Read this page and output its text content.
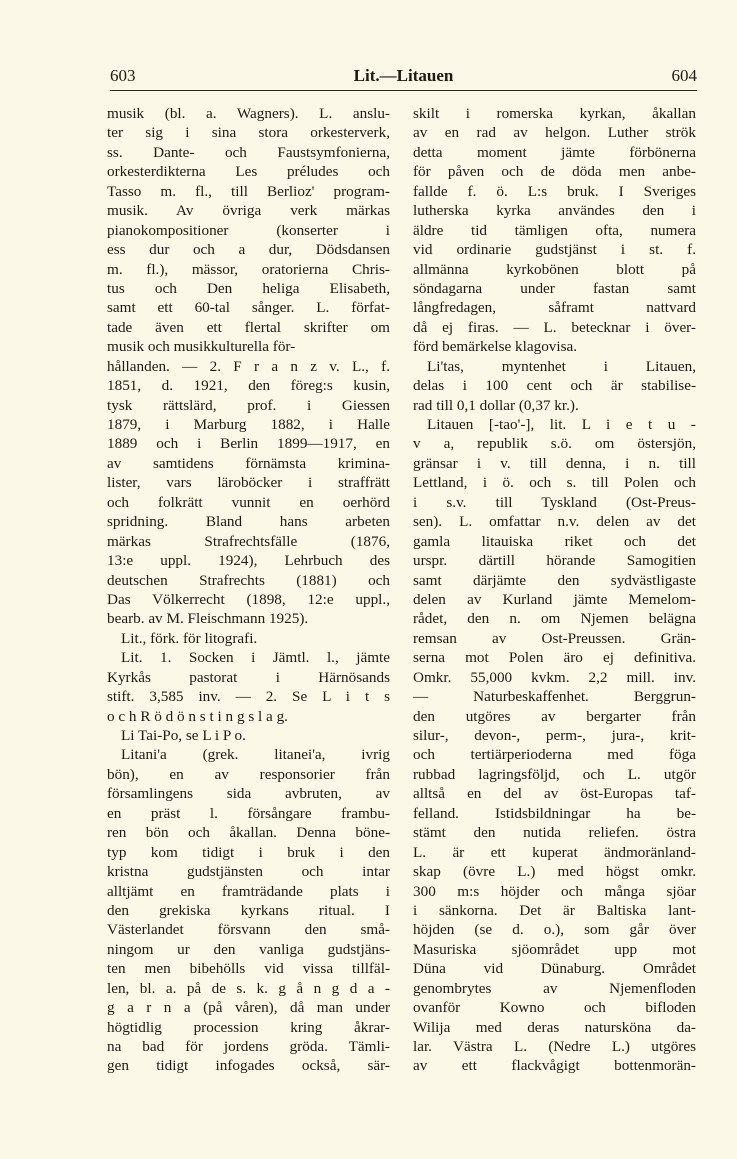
603	Lit.—Litauen	604
musik (bl. a. Wagners). L. anslu-
ter sig i sina stora orkesterverk,
ss. Dante- och Faustsymfonierna,
orkesterdikterna Les préludes och
Tasso m. fl., till Berlioz' program-
musik. Av övriga verk märkas
pianokompositioner (konserter i
ess dur och a dur, Dödsdansen
m. fl.), mässor, oratorierna Chris-
tus och Den heliga Elisabeth,
samt ett 60-tal sånger. L. förfat-
tade även ett flertal skrifter om
musik och musikkulturella för-
hållanden. — 2. F r a n z v. L., f.
1851, d. 1921, den föreg:s kusin,
tysk rättslärd, prof. i Giessen
1879, i Marburg 1882, i Halle
1889 och i Berlin 1899—1917, en
av samtidens förnämsta krimina-
lister, vars läroböcker i straffrätt
och folkrätt vunnit en oerhörd
spridning. Bland hans arbeten
märkas Strafrechtsfälle (1876,
13:e uppl. 1924), Lehrbuch des
deutschen Strafrechts (1881) och
Das Völkerrecht (1898, 12:e uppl.,
bearb. av M. Fleischmann 1925).
Lit., förk. för litografi.
Lit. 1. Socken i Jämtl. l., jämte
Kyrkås pastorat i Härnösands
stift. 3,585 inv. — 2. Se L i t s
o c h R ö d ö n s t i n g s l a g.
Li Tai-Po, se L i P o.
Litani'a (grek. litanei'a, ivrig
bön), en av responsorier från
församlingens sida avbruten, av
en präst l. försångare frambu-
ren bön och åkallan. Denna böne-
typ kom tidigt i bruk i den
kristna gudstjänsten och intar
alltjämt en framträdande plats i
den grekiska kyrkans ritual. I
Västerlandet försvann den små-
ningom ur den vanliga gudstjäns-
ten men bibehölls vid vissa tillfäl-
len, bl. a. på de s. k. g å n g d a -
g a r n a (på våren), då man under
högtidlig procession kring åkrar-
na bad för jordens gröda. Tämli-
gen tidigt infogades också, sär-
skilt i romerska kyrkan, åkallan
av en rad av helgon. Luther strök
detta moment jämte förbönerna
för påven och de döda men anbe-
fallde f. ö. L:s bruk. I Sveriges
lutherska kyrka användes den i
äldre tid tämligen ofta, numera
vid ordinarie gudstjänst i st. f.
allmänna kyrkobönen blott på
söndagarna under fastan samt
långfredagen, såframt nattvard
då ej firas. — L. betecknar i över-
förd bemärkelse klagovisa.
Li'tas, myntenhet i Litauen,
delas i 100 cent och är stabilise-
rad till 0,1 dollar (0,37 kr.).
Litauen [-tao'-], lit. L i e t u -
v a, republik s.ö. om östersjön,
gränsar i v. till denna, i n. till
Lettland, i ö. och s. till Polen och
i s.v. till Tyskland (Ost-Preus-
sen). L. omfattar n.v. delen av det
gamla litauiska riket och det
urspr. därtill hörande Samogitien
samt därjämte den sydvästligaste
delen av Kurland jämte Memelom-
rådet, den n. om Njemen belägna
remsan av Ost-Preussen. Grän-
serna mot Polen äro ej definitiva.
Omkr. 55,000 kvkm. 2,2 mill. inv.
— Naturbeskaffenhet. Berggrun-
den utgöres av bergarter från
silur-, devon-, perm-, jura-, krit-
och tertiärperioderna med föga
rubbad lagringsföljd, och L. utgör
alltså en del av öst-Europas taf-
felland. Istidsbildningar ha be-
stämt den nutida reliefen. östra
L. är ett kuperat ändmoränland-
skap (övre L.) med högst omkr.
300 m:s höjder och många sjöar
i sänkorna. Det är Baltiska lant-
höjden (se d. o.), som går över
Masuriska sjöområdet upp mot
Düna vid Dünaburg. Området
genombrytes av Njemenfloden
ovanför Kowno och bifloden
Wilija med deras natursköna da-
lar. Västra L. (Nedre L.) utgöres
av ett flackvågigt bottenmorän-
